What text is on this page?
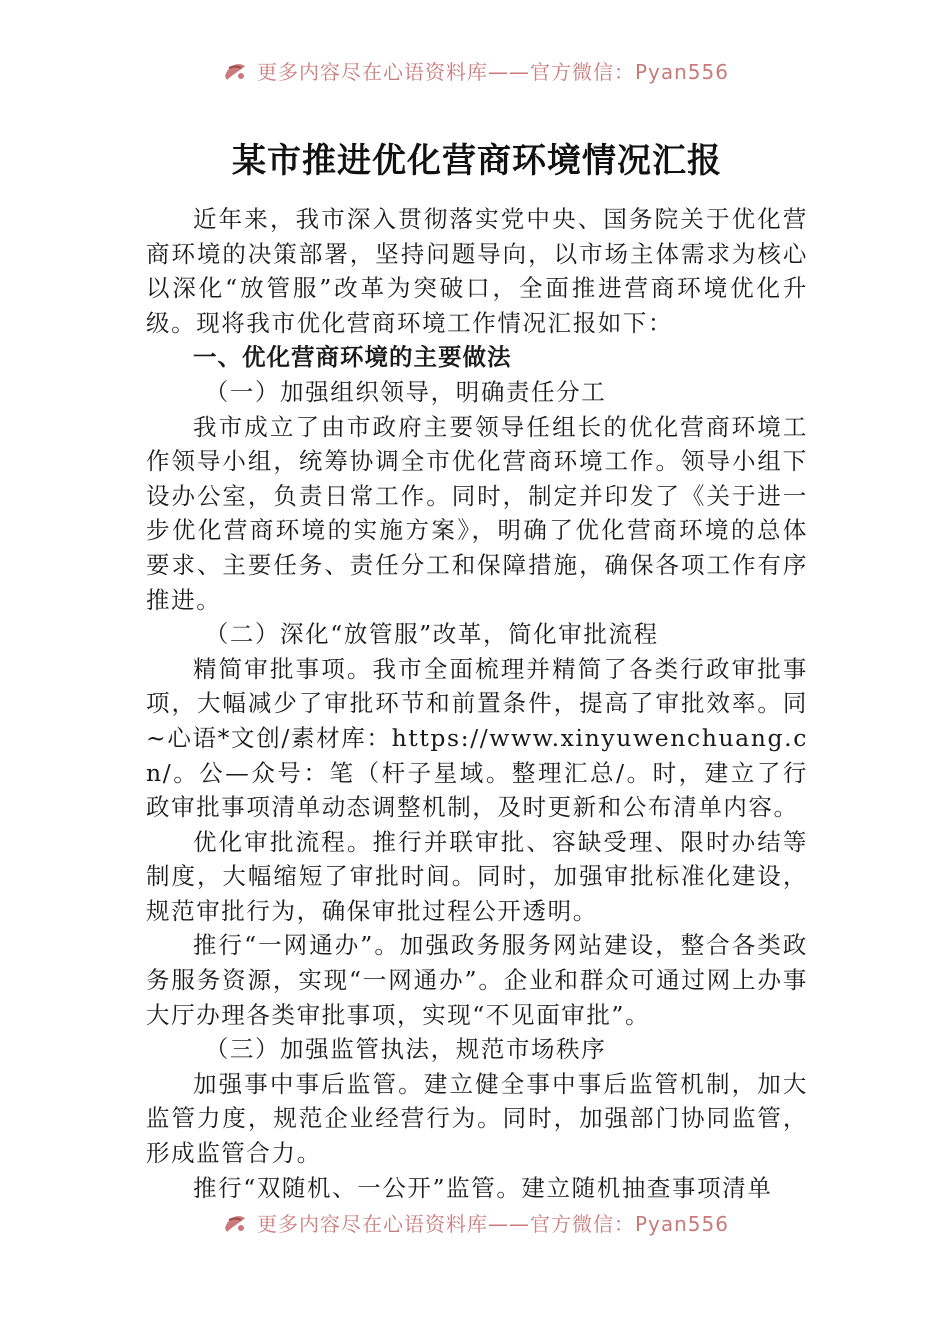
更多内容尽在心语资料库——官方微信：Pyan556
某市推进优化营商环境情况汇报
近年来，我市深入贯彻落实党中央、国务院关于优化营商环境的决策部署，坚持问题导向，以市场主体需求为核心以深化“放管服”改革为突破口，全面推进营商环境优化升级。现将我市优化营商环境工作情况汇报如下：
一、优化营商环境的主要做法
（一）加强组织领导，明确责任分工
我市成立了由市政府主要领导任组长的优化营商环境工作领导小组，统筹协调全市优化营商环境工作。领导小组下设办公室，负责日常工作。同时，制定并印发了《关于进一步优化营商环境的实施方案》，明确了优化营商环境的总体要求、主要任务、责任分工和保障措施，确保各项工作有序推进。
（二）深化“放管服”改革，简化审批流程
精简审批事项。我市全面梳理并精简了各类行政审批事项，大幅减少了审批环节和前置条件，提高了审批效率。同~心语*文创/素材库：https://www.xinyuwenchuang.cn/。公—众号：笔（杆子星域。整理汇总/。时，建立了行政审批事项清单动态调整机制，及时更新和公布清单内容。
优化审批流程。推行并联审批、容缺受理、限时办结等制度，大幅缩短了审批时间。同时，加强审批标准化建设，规范审批行为，确保审批过程公开透明。
推行“一网通办”。加强政务服务网站建设，整合各类政务服务资源，实现“一网通办”。企业和群众可通过网上办事大厅办理各类审批事项，实现“不见面审批”。
（三）加强监管执法，规范市场秩序
加强事中事后监管。建立健全事中事后监管机制，加大监管力度，规范企业经营行为。同时，加强部门协同监管，形成监管合力。
推行“双随机、一公开”监管。建立随机抽查事项清单
更多内容尽在心语资料库——官方微信：Pyan556
